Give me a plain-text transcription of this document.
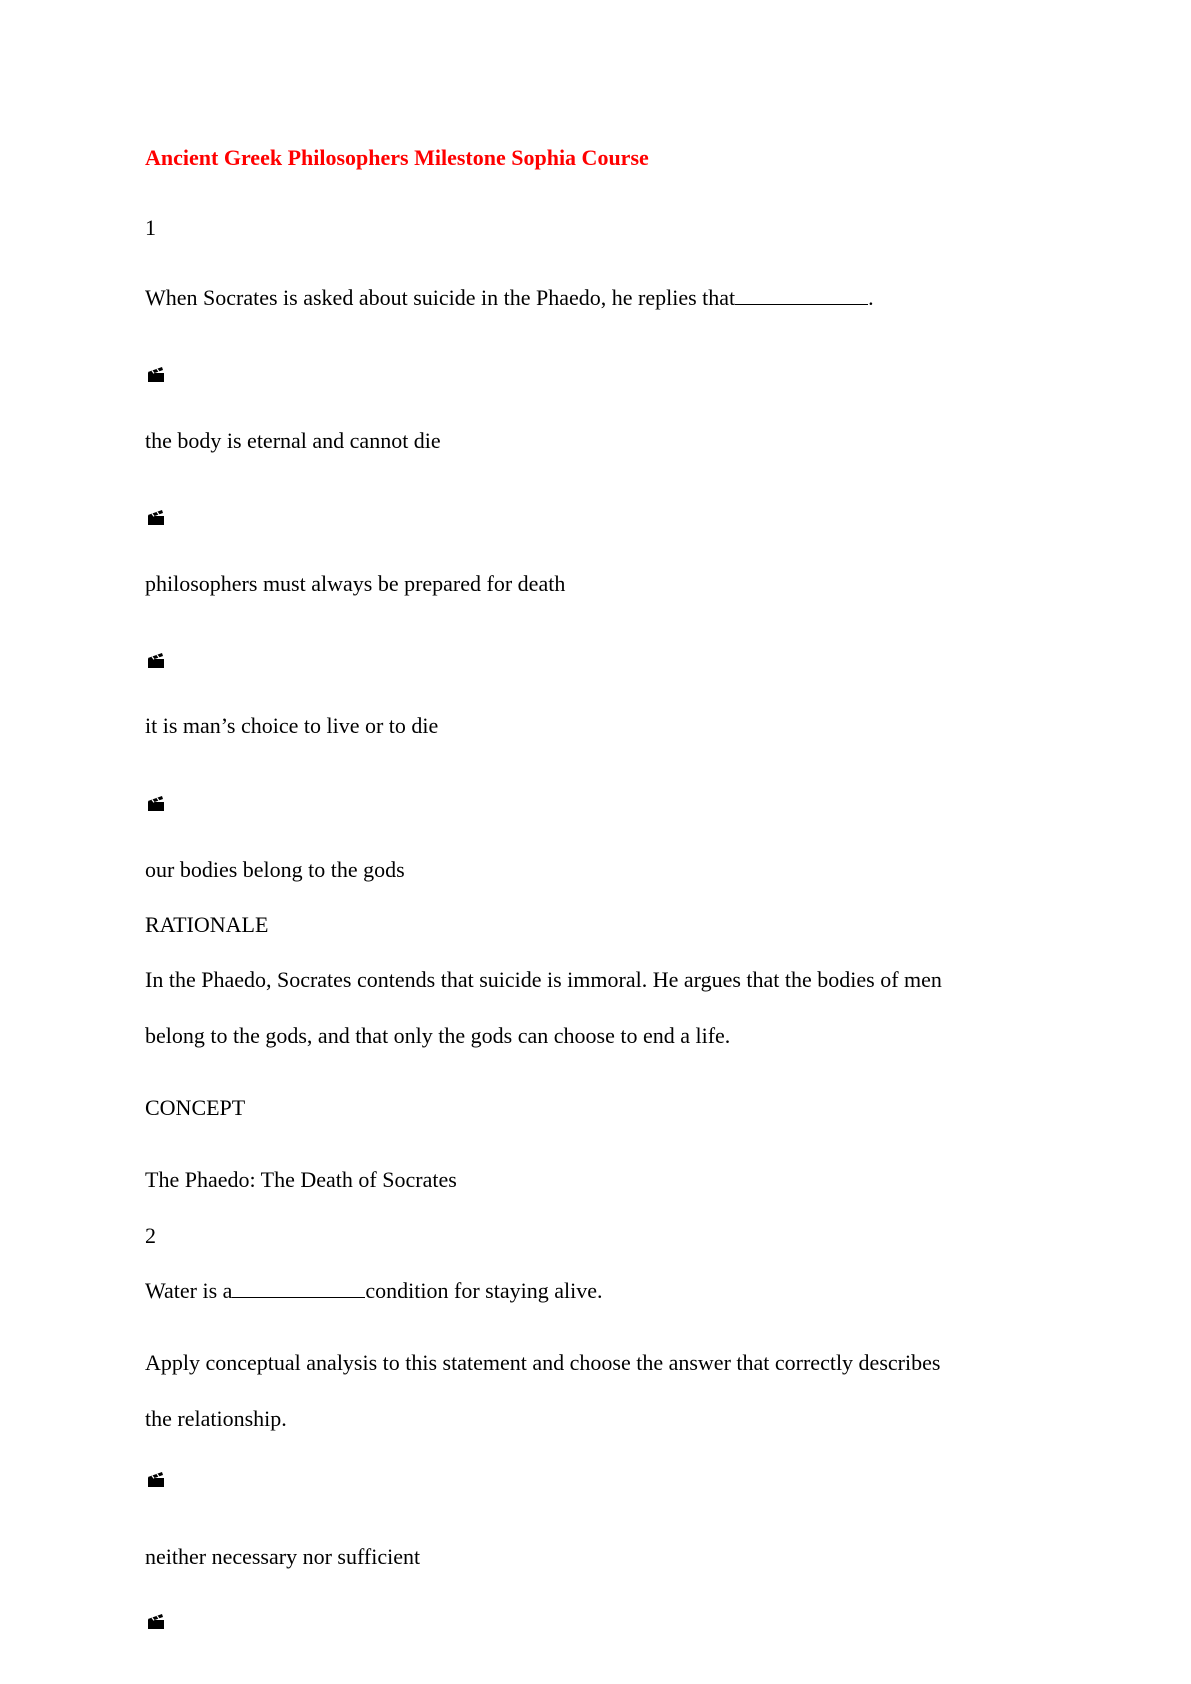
Ancient Greek Philosophers Milestone Sophia Course
1
When Socrates is asked about suicide in the Phaedo, he replies that	.
the body is eternal and cannot die
philosophers must always be prepared for death
it is man’s choice to live or to die
our bodies belong to the gods
RATIONALE
In the Phaedo, Socrates contends that suicide is immoral. He argues that the bodies of men
belong to the gods, and that only the gods can choose to end a life.
CONCEPT
The Phaedo: The Death of Socrates
2
Water is a	condition for staying alive.
Apply conceptual analysis to this statement and choose the answer that correctly describes
the relationship.
neither necessary nor sufficient
